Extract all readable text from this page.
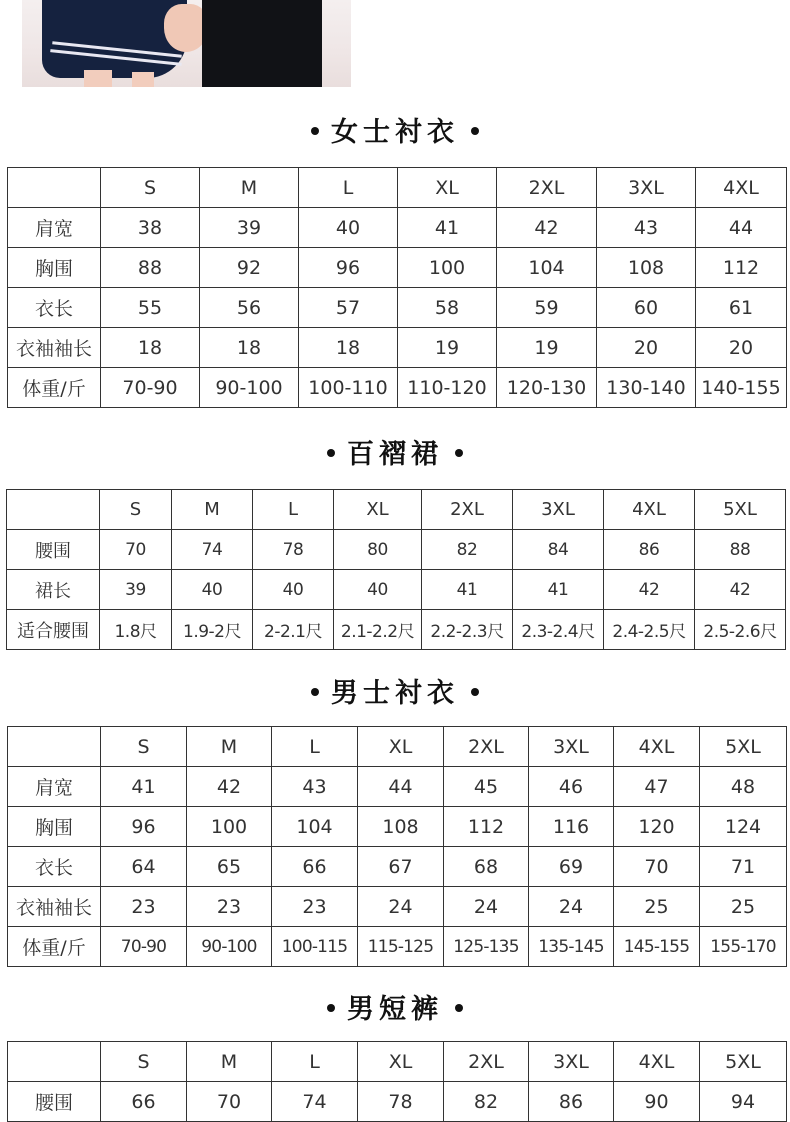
女士衬衣
	S	M	L	XL	2XL	3XL	4XL
肩宽	38	39	40	41	42	43	44
胸围	88	92	96	100	104	108	112
衣长	55	56	57	58	59	60	61
衣袖袖长	18	18	18	19	19	20	20
体重/斤	70-90	90-100	100-110	110-120	120-130	130-140	140-155
百褶裙
	S	M	L	XL	2XL	3XL	4XL	5XL
腰围	70	74	78	80	82	84	86	88
裙长	39	40	40	40	41	41	42	42
适合腰围	1.8尺	1.9-2尺	2-2.1尺	2.1-2.2尺	2.2-2.3尺	2.3-2.4尺	2.4-2.5尺	2.5-2.6尺
男士衬衣
	S	M	L	XL	2XL	3XL	4XL	5XL
肩宽	41	42	43	44	45	46	47	48
胸围	96	100	104	108	112	116	120	124
衣长	64	65	66	67	68	69	70	71
衣袖袖长	23	23	23	24	24	24	25	25
体重/斤	70-90	90-100	100-115	115-125	125-135	135-145	145-155	155-170
男短裤
	S	M	L	XL	2XL	3XL	4XL	5XL
腰围	66	70	74	78	82	86	90	94
